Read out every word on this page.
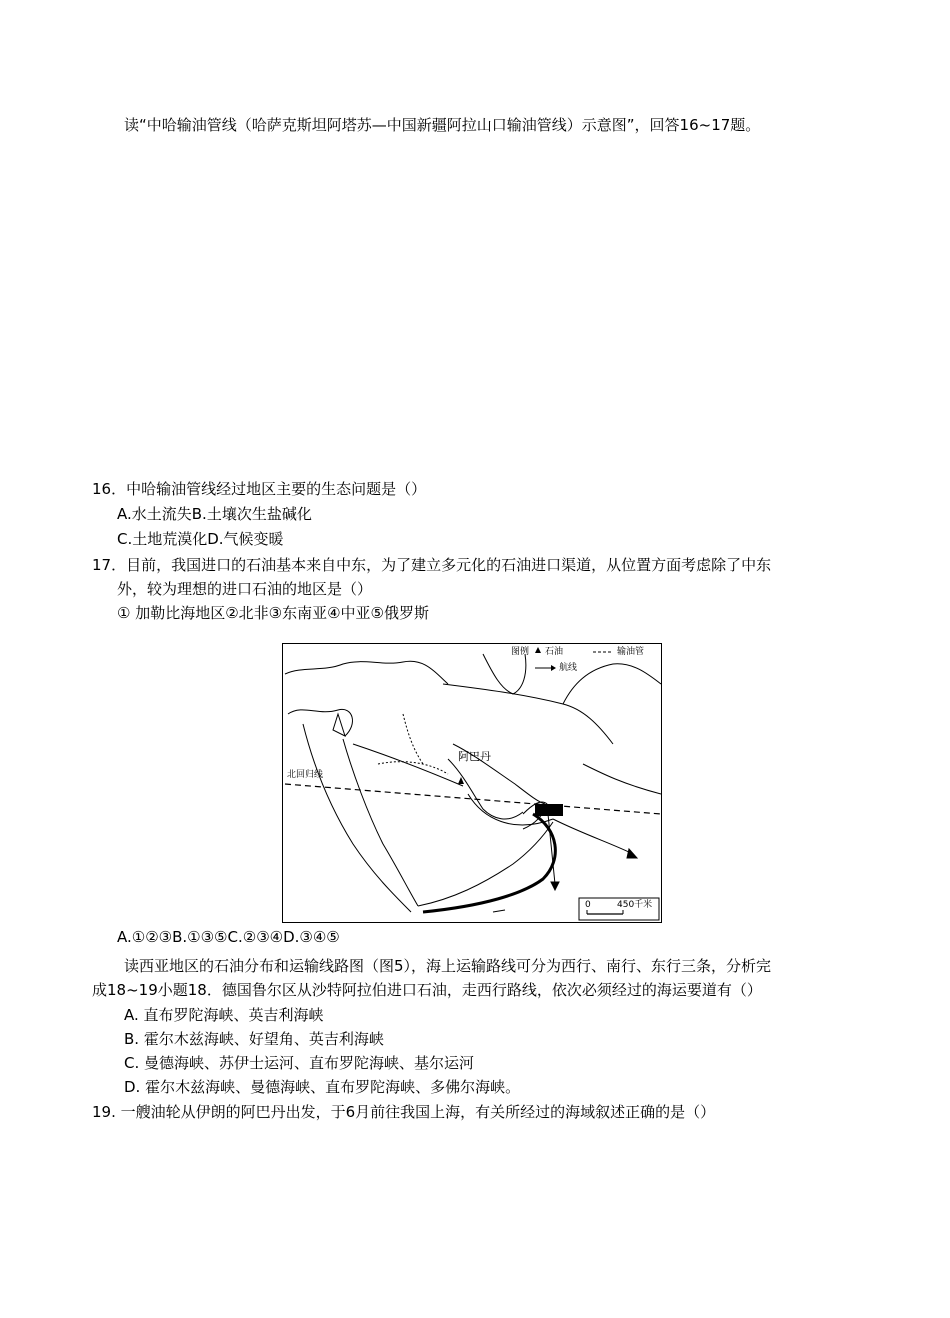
读“中哈输油管线（哈萨克斯坦阿塔苏—中国新疆阿拉山口输油管线）示意图”，回答16~17题。
16．中哈输油管线经过地区主要的生态问题是（）
A.水土流失B.土壤次生盐碱化
C.土地荒漠化D.气候变暖
17．目前，我国进口的石油基本来自中东，为了建立多元化的石油进口渠道，从位置方面考虑除了中东
外，较为理想的进口石油的地区是（）
① 加勒比海地区②北非③东南亚④中亚⑤俄罗斯
图例 石油	输油管
航线
阿巴丹
北回归线
0	450千米
A.①②③B.①③⑤C.②③④D.③④⑤
读西亚地区的石油分布和运输线路图（图5），海上运输路线可分为西行、南行、东行三条，分析完
成18~19小题18．德国鲁尔区从沙特阿拉伯进口石油，走西行路线，依次必须经过的海运要道有（）
A. 直布罗陀海峡、英吉利海峡
B. 霍尔木兹海峡、好望角、英吉利海峡
C. 曼德海峡、苏伊士运河、直布罗陀海峡、基尔运河
D. 霍尔木兹海峡、曼德海峡、直布罗陀海峡、多佛尔海峡。
19. 一艘油轮从伊朗的阿巴丹出发，于6月前往我国上海，有关所经过的海域叙述正确的是（）
